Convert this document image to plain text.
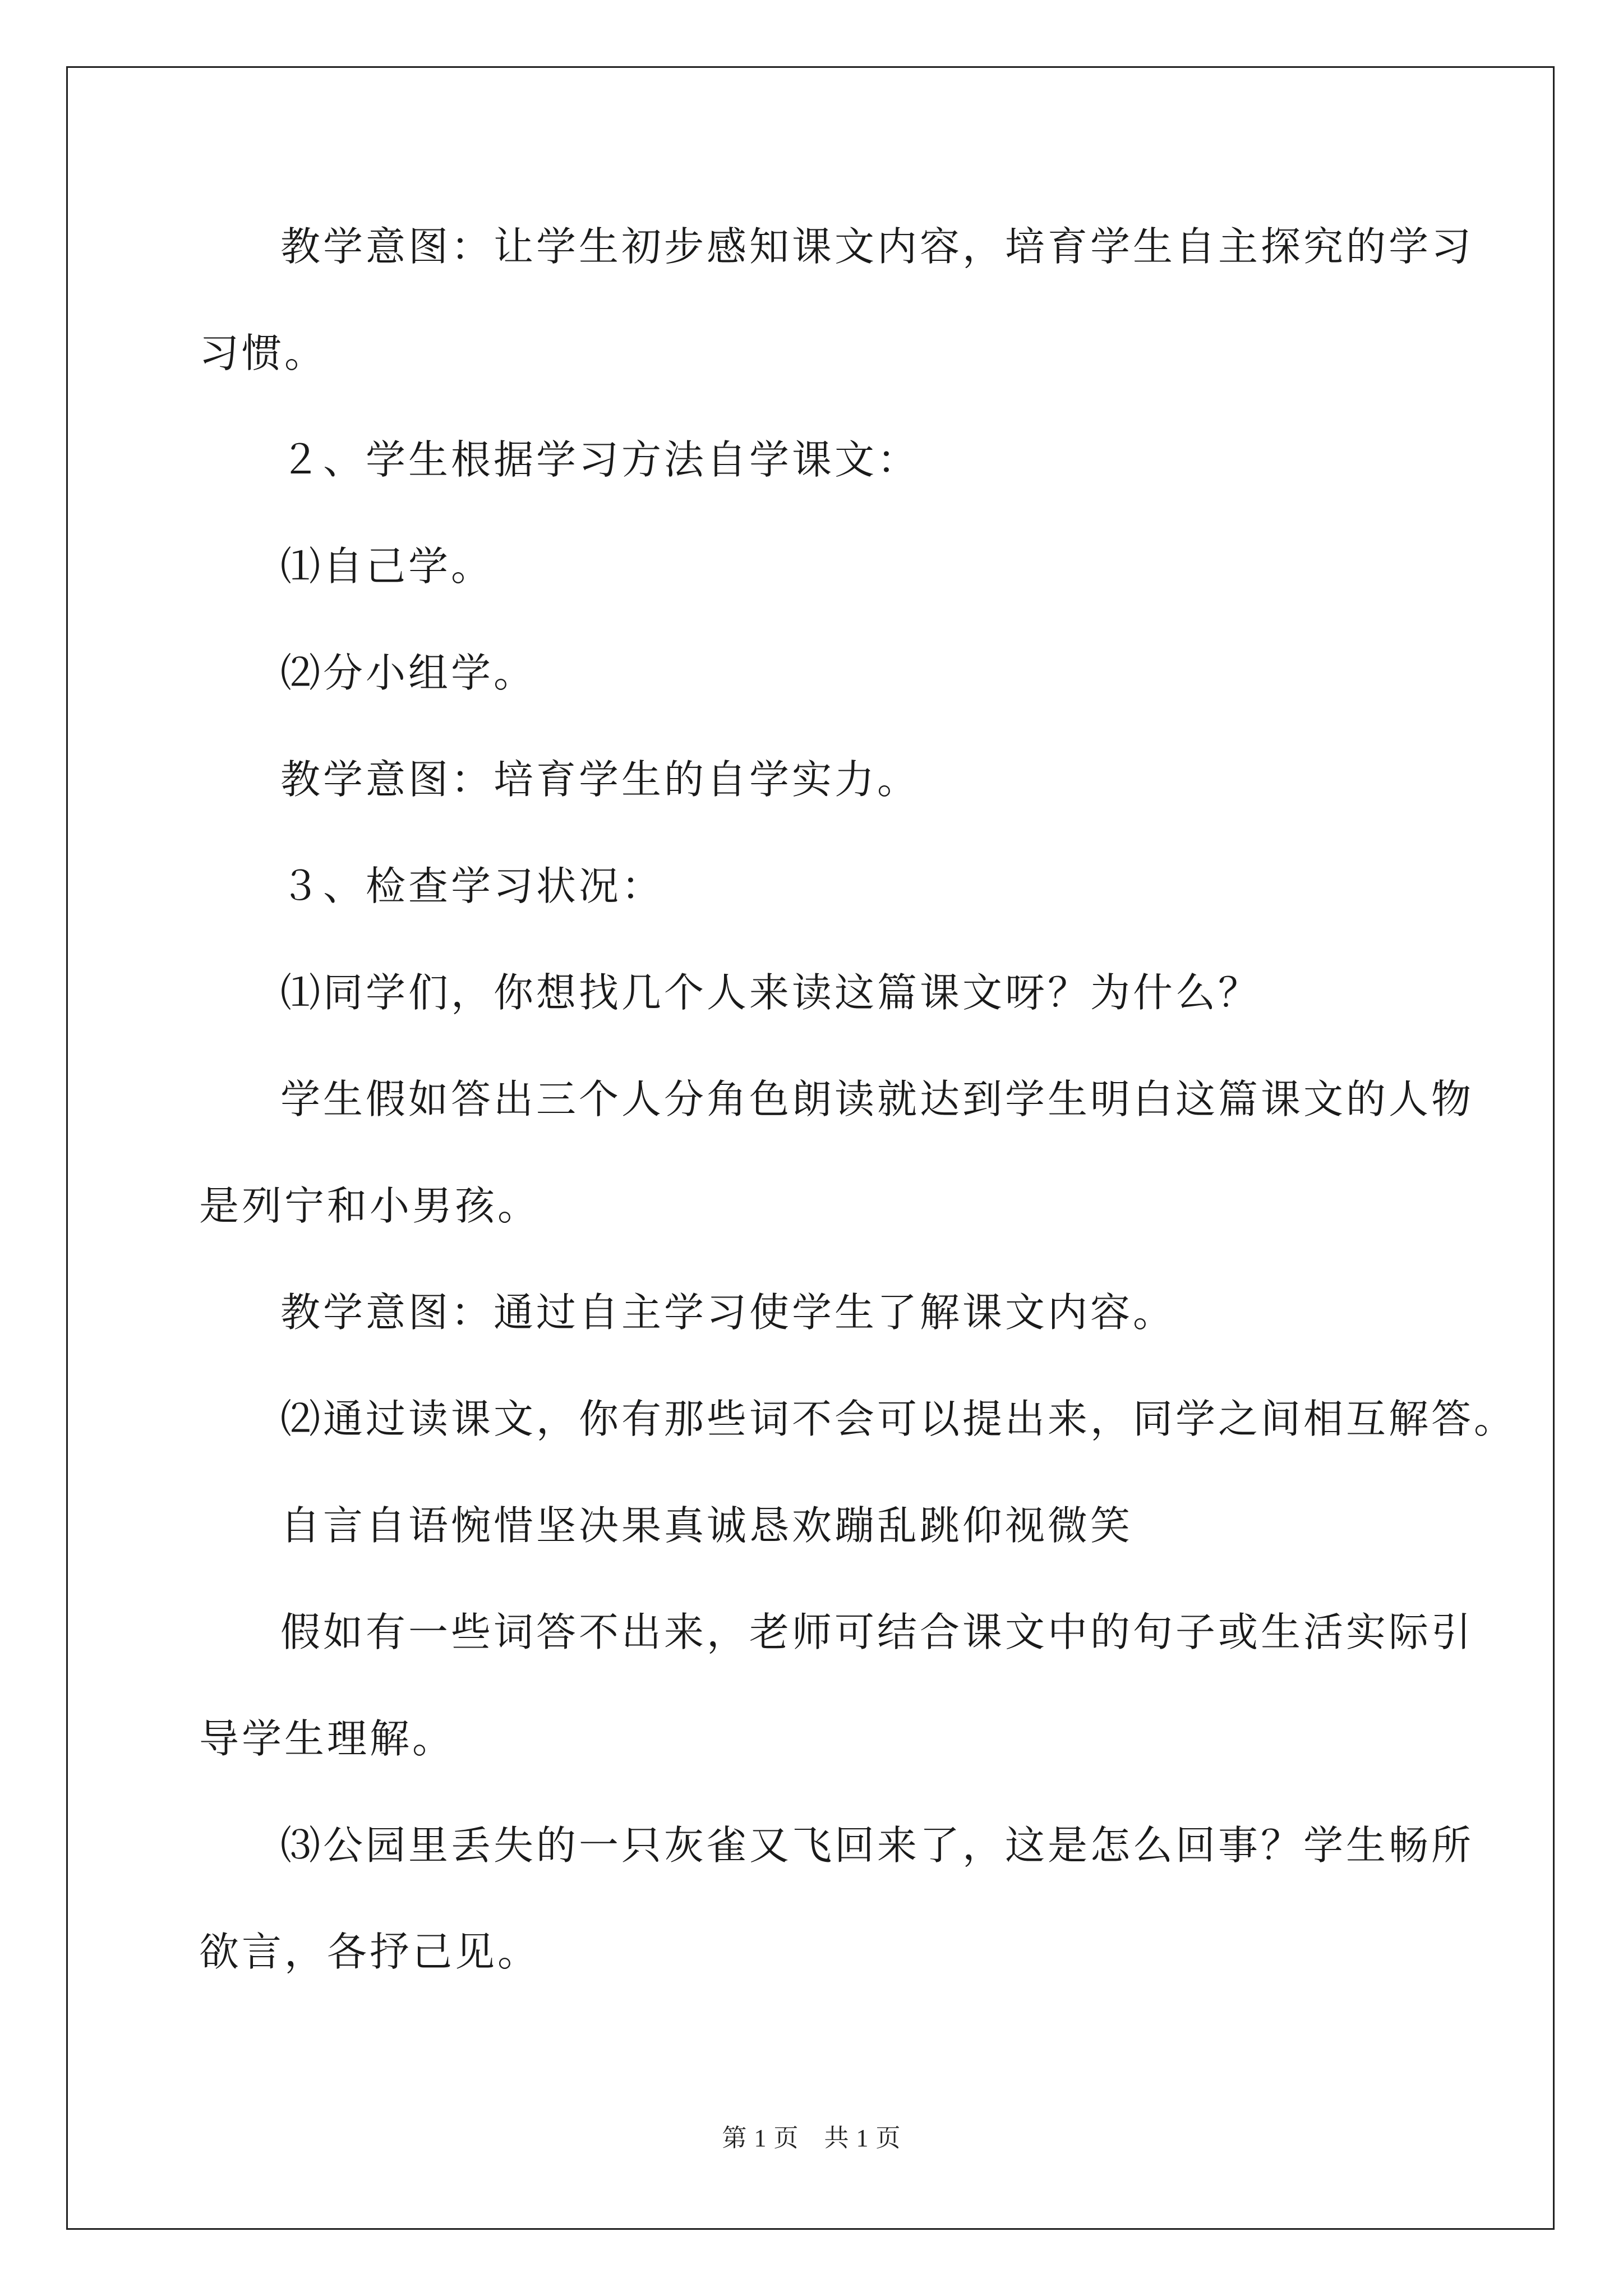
教学意图：让学生初步感知课文内容，培育学生自主探究的学习

习惯。

２、学生根据学习方法自学课文：

⑴自己学。

⑵分小组学。

教学意图：培育学生的自学实力。

３、检查学习状况：

⑴同学们，你想找几个人来读这篇课文呀？为什么？

学生假如答出三个人分角色朗读就达到学生明白这篇课文的人物

是列宁和小男孩。

教学意图：通过自主学习使学生了解课文内容。

⑵通过读课文，你有那些词不会可以提出来，同学之间相互解答。

自言自语惋惜坚决果真诚恳欢蹦乱跳仰视微笑

假如有一些词答不出来，老师可结合课文中的句子或生活实际引

导学生理解。

⑶公园里丢失的一只灰雀又飞回来了，这是怎么回事？学生畅所

欲言，各抒己见。

第 1 页　共 1 页
